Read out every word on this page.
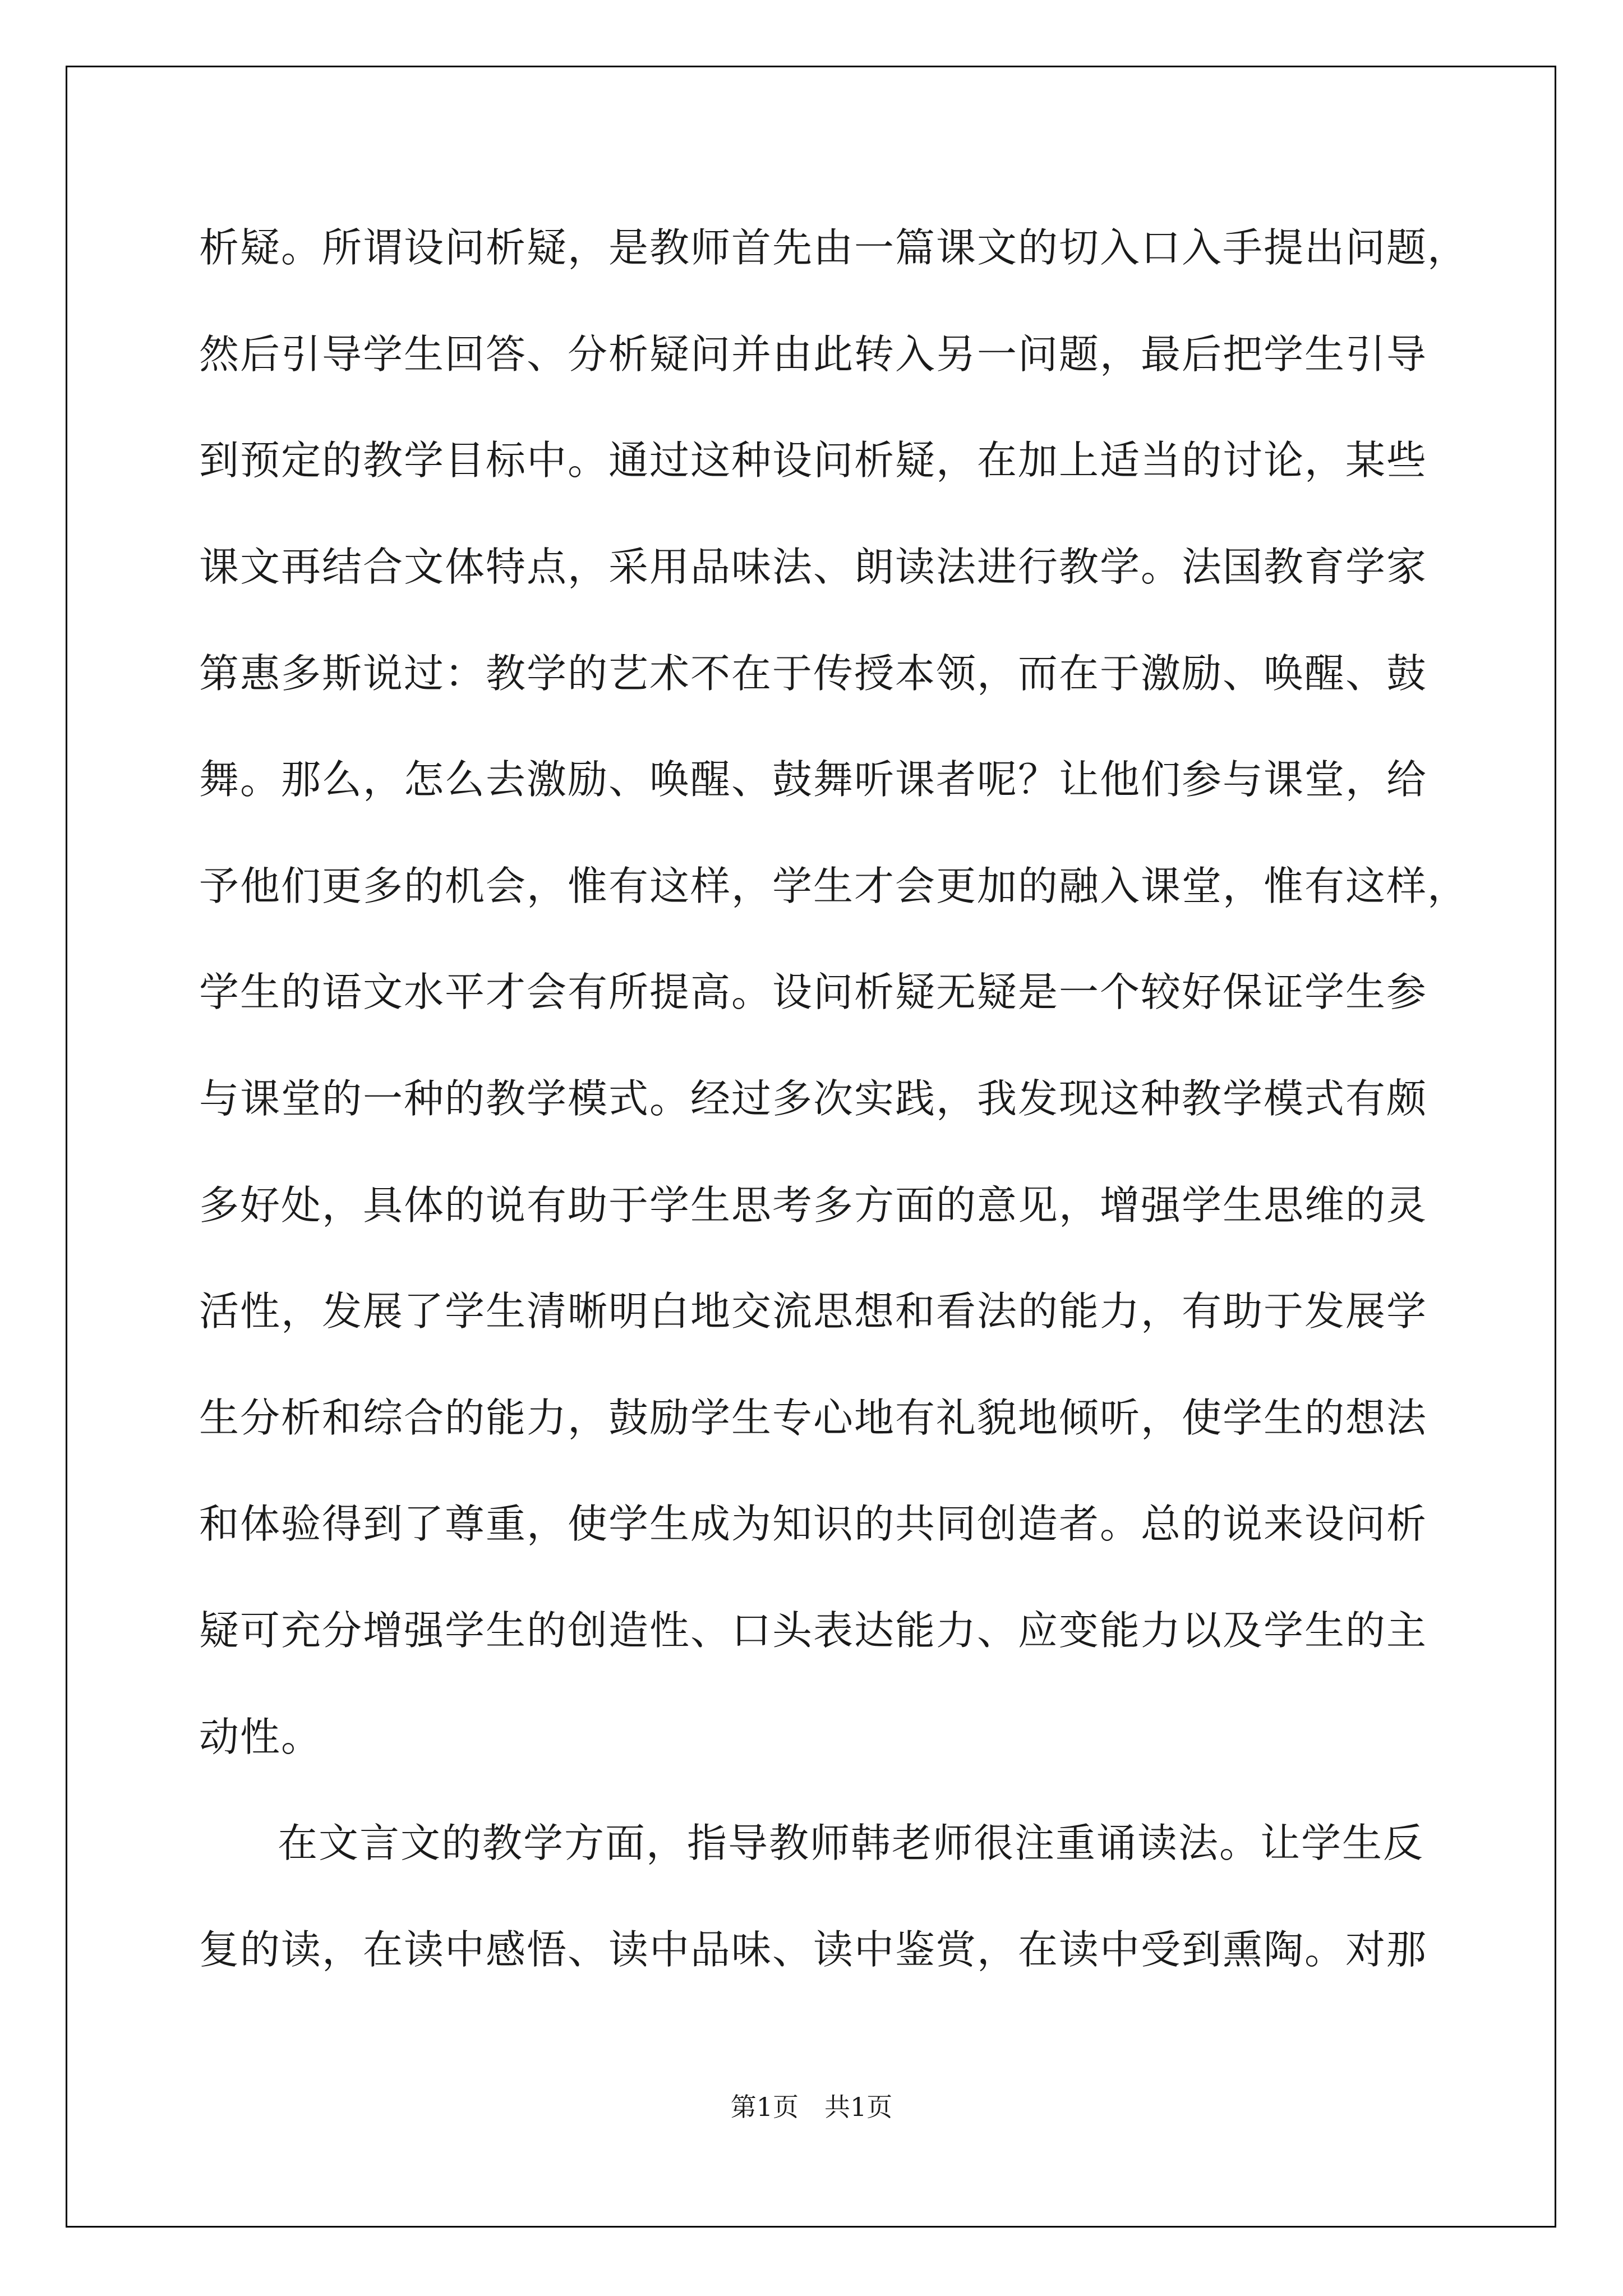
析疑。所谓设问析疑，是教师首先由一篇课文的切入口入手提出问题，
然后引导学生回答、分析疑问并由此转入另一问题，最后把学生引导
到预定的教学目标中。通过这种设问析疑，在加上适当的讨论，某些
课文再结合文体特点，采用品味法、朗读法进行教学。法国教育学家
第惠多斯说过：教学的艺术不在于传授本领，而在于激励、唤醒、鼓
舞。那么，怎么去激励、唤醒、鼓舞听课者呢？让他们参与课堂，给
予他们更多的机会，惟有这样，学生才会更加的融入课堂，惟有这样，
学生的语文水平才会有所提高。设问析疑无疑是一个较好保证学生参
与课堂的一种的教学模式。经过多次实践，我发现这种教学模式有颇
多好处，具体的说有助于学生思考多方面的意见，增强学生思维的灵
活性，发展了学生清晰明白地交流思想和看法的能力，有助于发展学
生分析和综合的能力，鼓励学生专心地有礼貌地倾听，使学生的想法
和体验得到了尊重，使学生成为知识的共同创造者。总的说来设问析
疑可充分增强学生的创造性、口头表达能力、应变能力以及学生的主
动性。
在文言文的教学方面，指导教师韩老师很注重诵读法。让学生反
复的读，在读中感悟、读中品味、读中鉴赏，在读中受到熏陶。对那
第1页　共1页
